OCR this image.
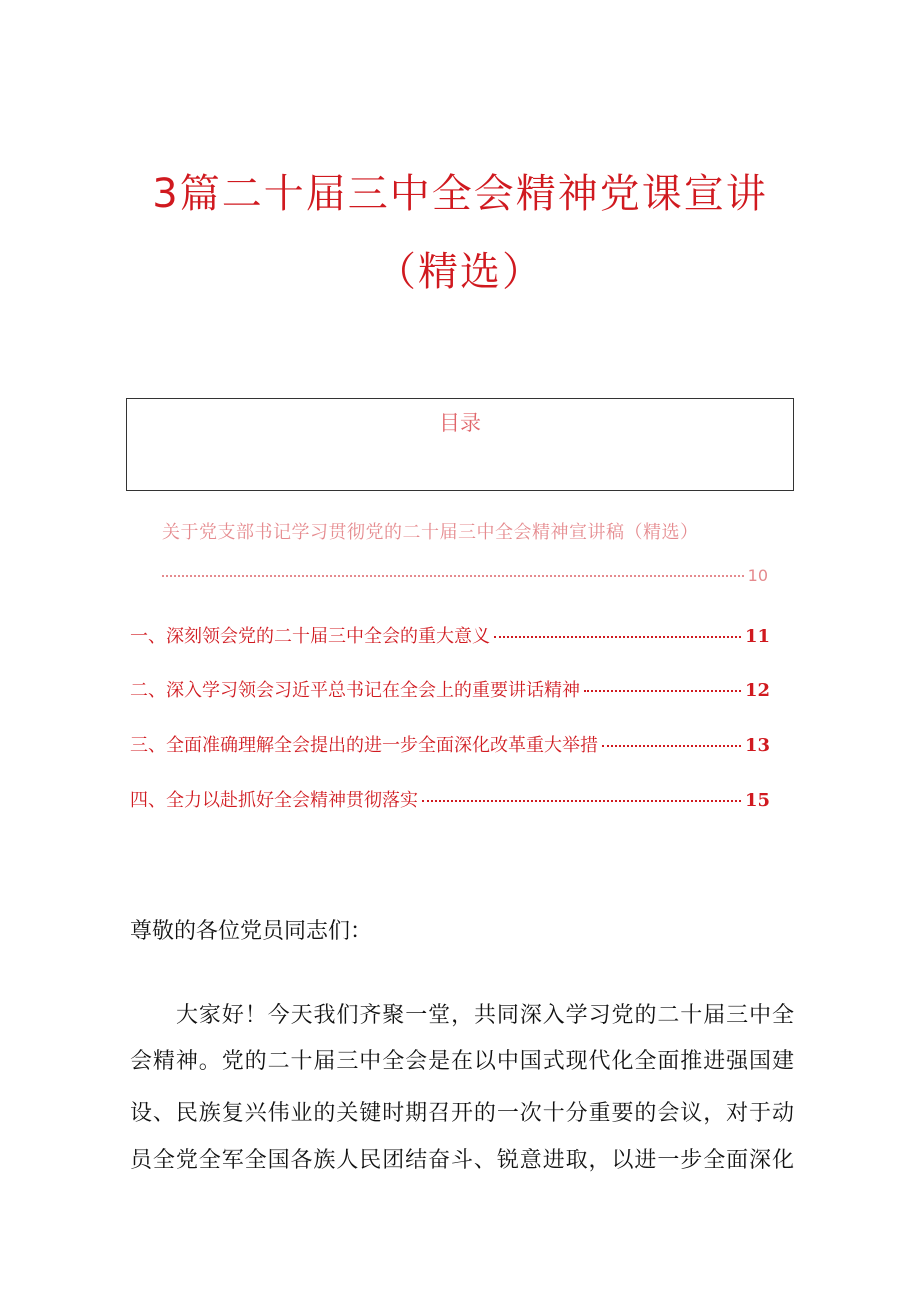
3篇二十届三中全会精神党课宣讲
（精选）
目录
关于党支部书记学习贯彻党的二十届三中全会精神宣讲稿（精选）
10
一、深刻领会党的二十届三中全会的重大意义	11
二、深入学习领会习近平总书记在全会上的重要讲话精神	12
三、全面准确理解全会提出的进一步全面深化改革重大举措	13
四、全力以赴抓好全会精神贯彻落实	15
尊敬的各位党员同志们：
大家好！今天我们齐聚一堂，共同深入学习党的二十届三中全
会精神。党的二十届三中全会是在以中国式现代化全面推进强国建
设、民族复兴伟业的关键时期召开的一次十分重要的会议，对于动
员全党全军全国各族人民团结奋斗、锐意进取，以进一步全面深化
